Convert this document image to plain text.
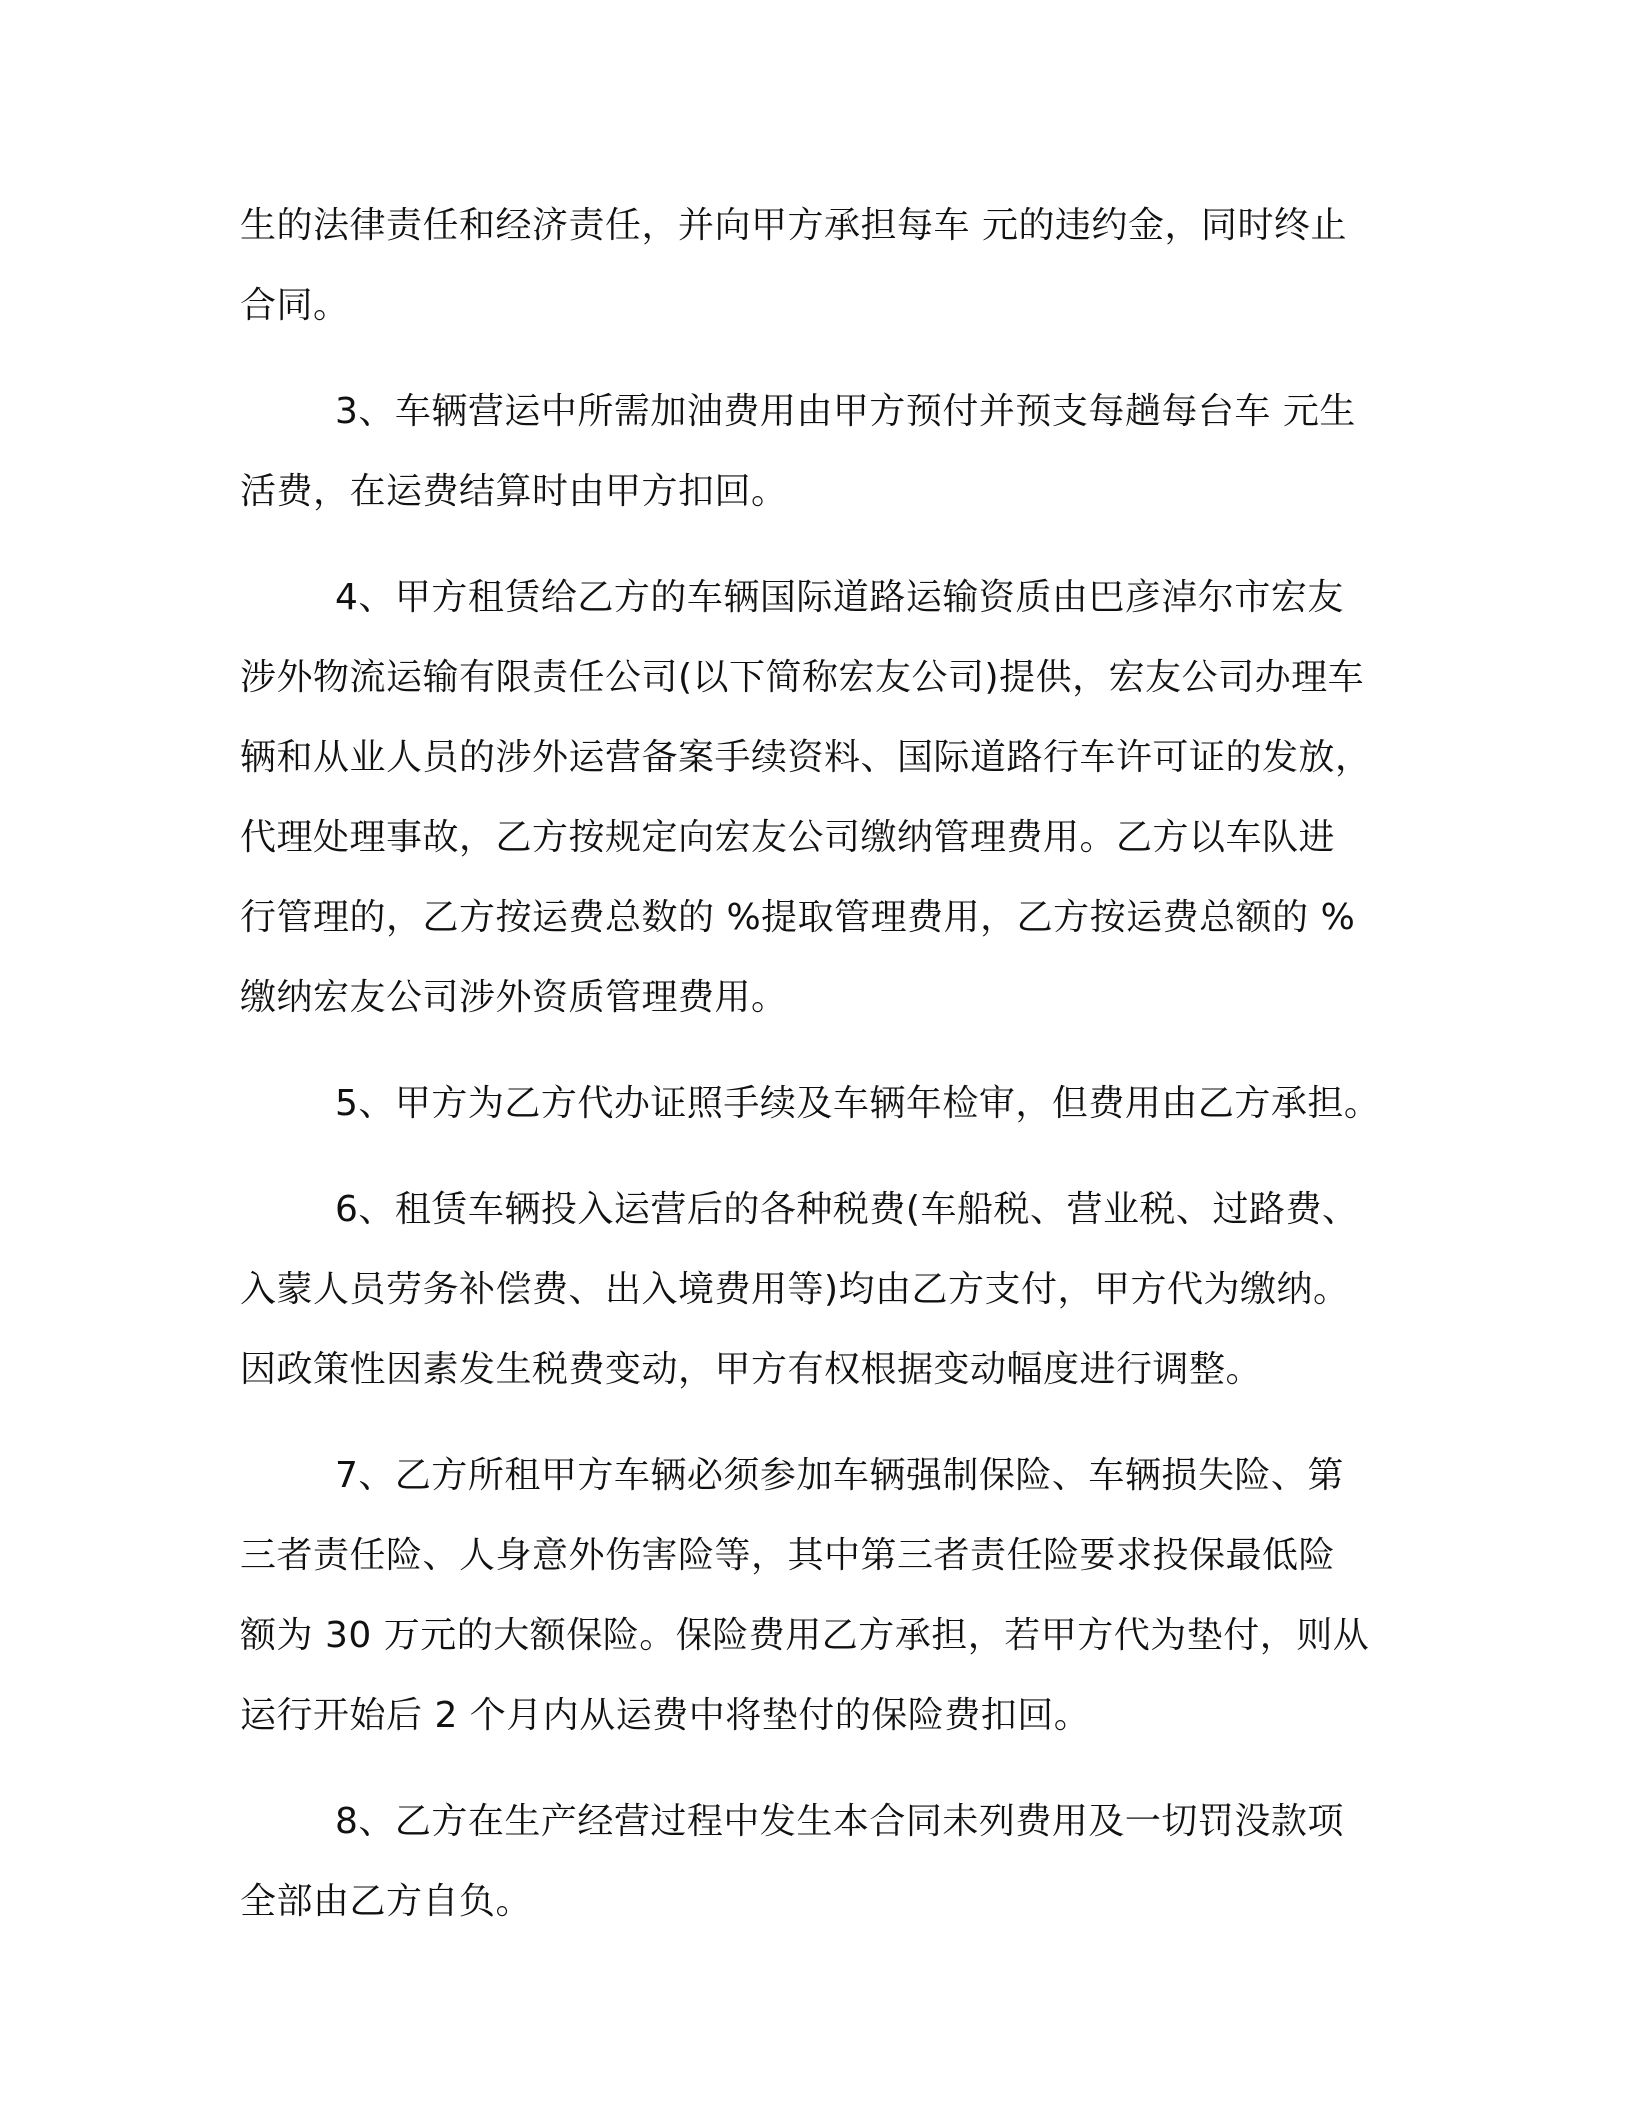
生的法律责任和经济责任，并向甲方承担每车 元的违约金，同时终止
合同。
3、车辆营运中所需加油费用由甲方预付并预支每趟每台车 元生
活费，在运费结算时由甲方扣回。
4、甲方租赁给乙方的车辆国际道路运输资质由巴彦淖尔市宏友
涉外物流运输有限责任公司(以下简称宏友公司)提供，宏友公司办理车
辆和从业人员的涉外运营备案手续资料、国际道路行车许可证的发放，
代理处理事故，乙方按规定向宏友公司缴纳管理费用。乙方以车队进
行管理的，乙方按运费总数的 %提取管理费用，乙方按运费总额的 %
缴纳宏友公司涉外资质管理费用。
5、甲方为乙方代办证照手续及车辆年检审，但费用由乙方承担。
6、租赁车辆投入运营后的各种税费(车船税、营业税、过路费、
入蒙人员劳务补偿费、出入境费用等)均由乙方支付，甲方代为缴纳。
因政策性因素发生税费变动，甲方有权根据变动幅度进行调整。
7、乙方所租甲方车辆必须参加车辆强制保险、车辆损失险、第
三者责任险、人身意外伤害险等，其中第三者责任险要求投保最低险
额为 30 万元的大额保险。保险费用乙方承担，若甲方代为垫付，则从
运行开始后 2 个月内从运费中将垫付的保险费扣回。
8、乙方在生产经营过程中发生本合同未列费用及一切罚没款项
全部由乙方自负。
